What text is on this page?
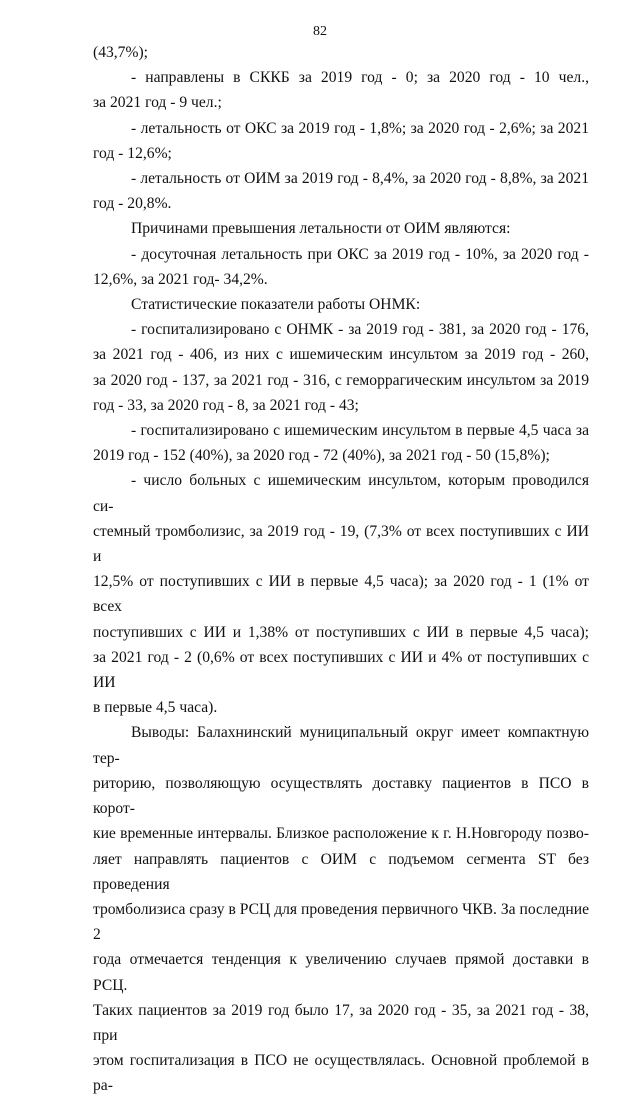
82
(43,7%);
- направлены в СККБ за 2019 год - 0; за 2020 год - 10 чел.,
за 2021 год - 9 чел.;
- летальность от ОКС за 2019 год - 1,8%; за 2020 год - 2,6%; за 2021
год - 12,6%;
- летальность от ОИМ за 2019 год - 8,4%, за 2020 год - 8,8%, за 2021
год - 20,8%.
Причинами превышения летальности от ОИМ являются:
- досуточная летальность при ОКС за 2019 год - 10%, за 2020 год -
12,6%, за 2021 год- 34,2%.
Статистические показатели работы ОНМК:
- госпитализировано с ОНМК - за 2019 год - 381, за 2020 год - 176,
за 2021 год - 406, из них с ишемическим инсультом за 2019 год - 260,
за 2020 год - 137, за 2021 год - 316, с геморрагическим инсультом за 2019
год - 33, за 2020 год - 8, за 2021 год - 43;
- госпитализировано с ишемическим инсультом в первые 4,5 часа за
2019 год - 152 (40%), за 2020 год - 72 (40%), за 2021 год - 50 (15,8%);
- число больных с ишемическим инсультом, которым проводился си-
стемный тромболизис, за 2019 год - 19, (7,3% от всех поступивших с ИИ и
12,5% от поступивших с ИИ в первые 4,5 часа); за 2020 год - 1 (1% от всех
поступивших с ИИ и 1,38% от поступивших с ИИ в первые 4,5 часа);
за 2021 год - 2 (0,6% от всех поступивших с ИИ и 4% от поступивших с ИИ
в первые 4,5 часа).
Выводы: Балахнинский муниципальный округ имеет компактную тер-
риторию, позволяющую осуществлять доставку пациентов в ПСО в корот-
кие временные интервалы. Близкое расположение к г. Н.Новгороду позво-
ляет направлять пациентов с ОИМ с подъемом сегмента ST без проведения
тромболизиса сразу в РСЦ для проведения первичного ЧКВ. За последние 2
года отмечается тенденция к увеличению случаев прямой доставки в РСЦ.
Таких пациентов за 2019 год было 17, за 2020 год - 35, за 2021 год - 38, при
этом госпитализация в ПСО не осуществлялась. Основной проблемой в ра-
